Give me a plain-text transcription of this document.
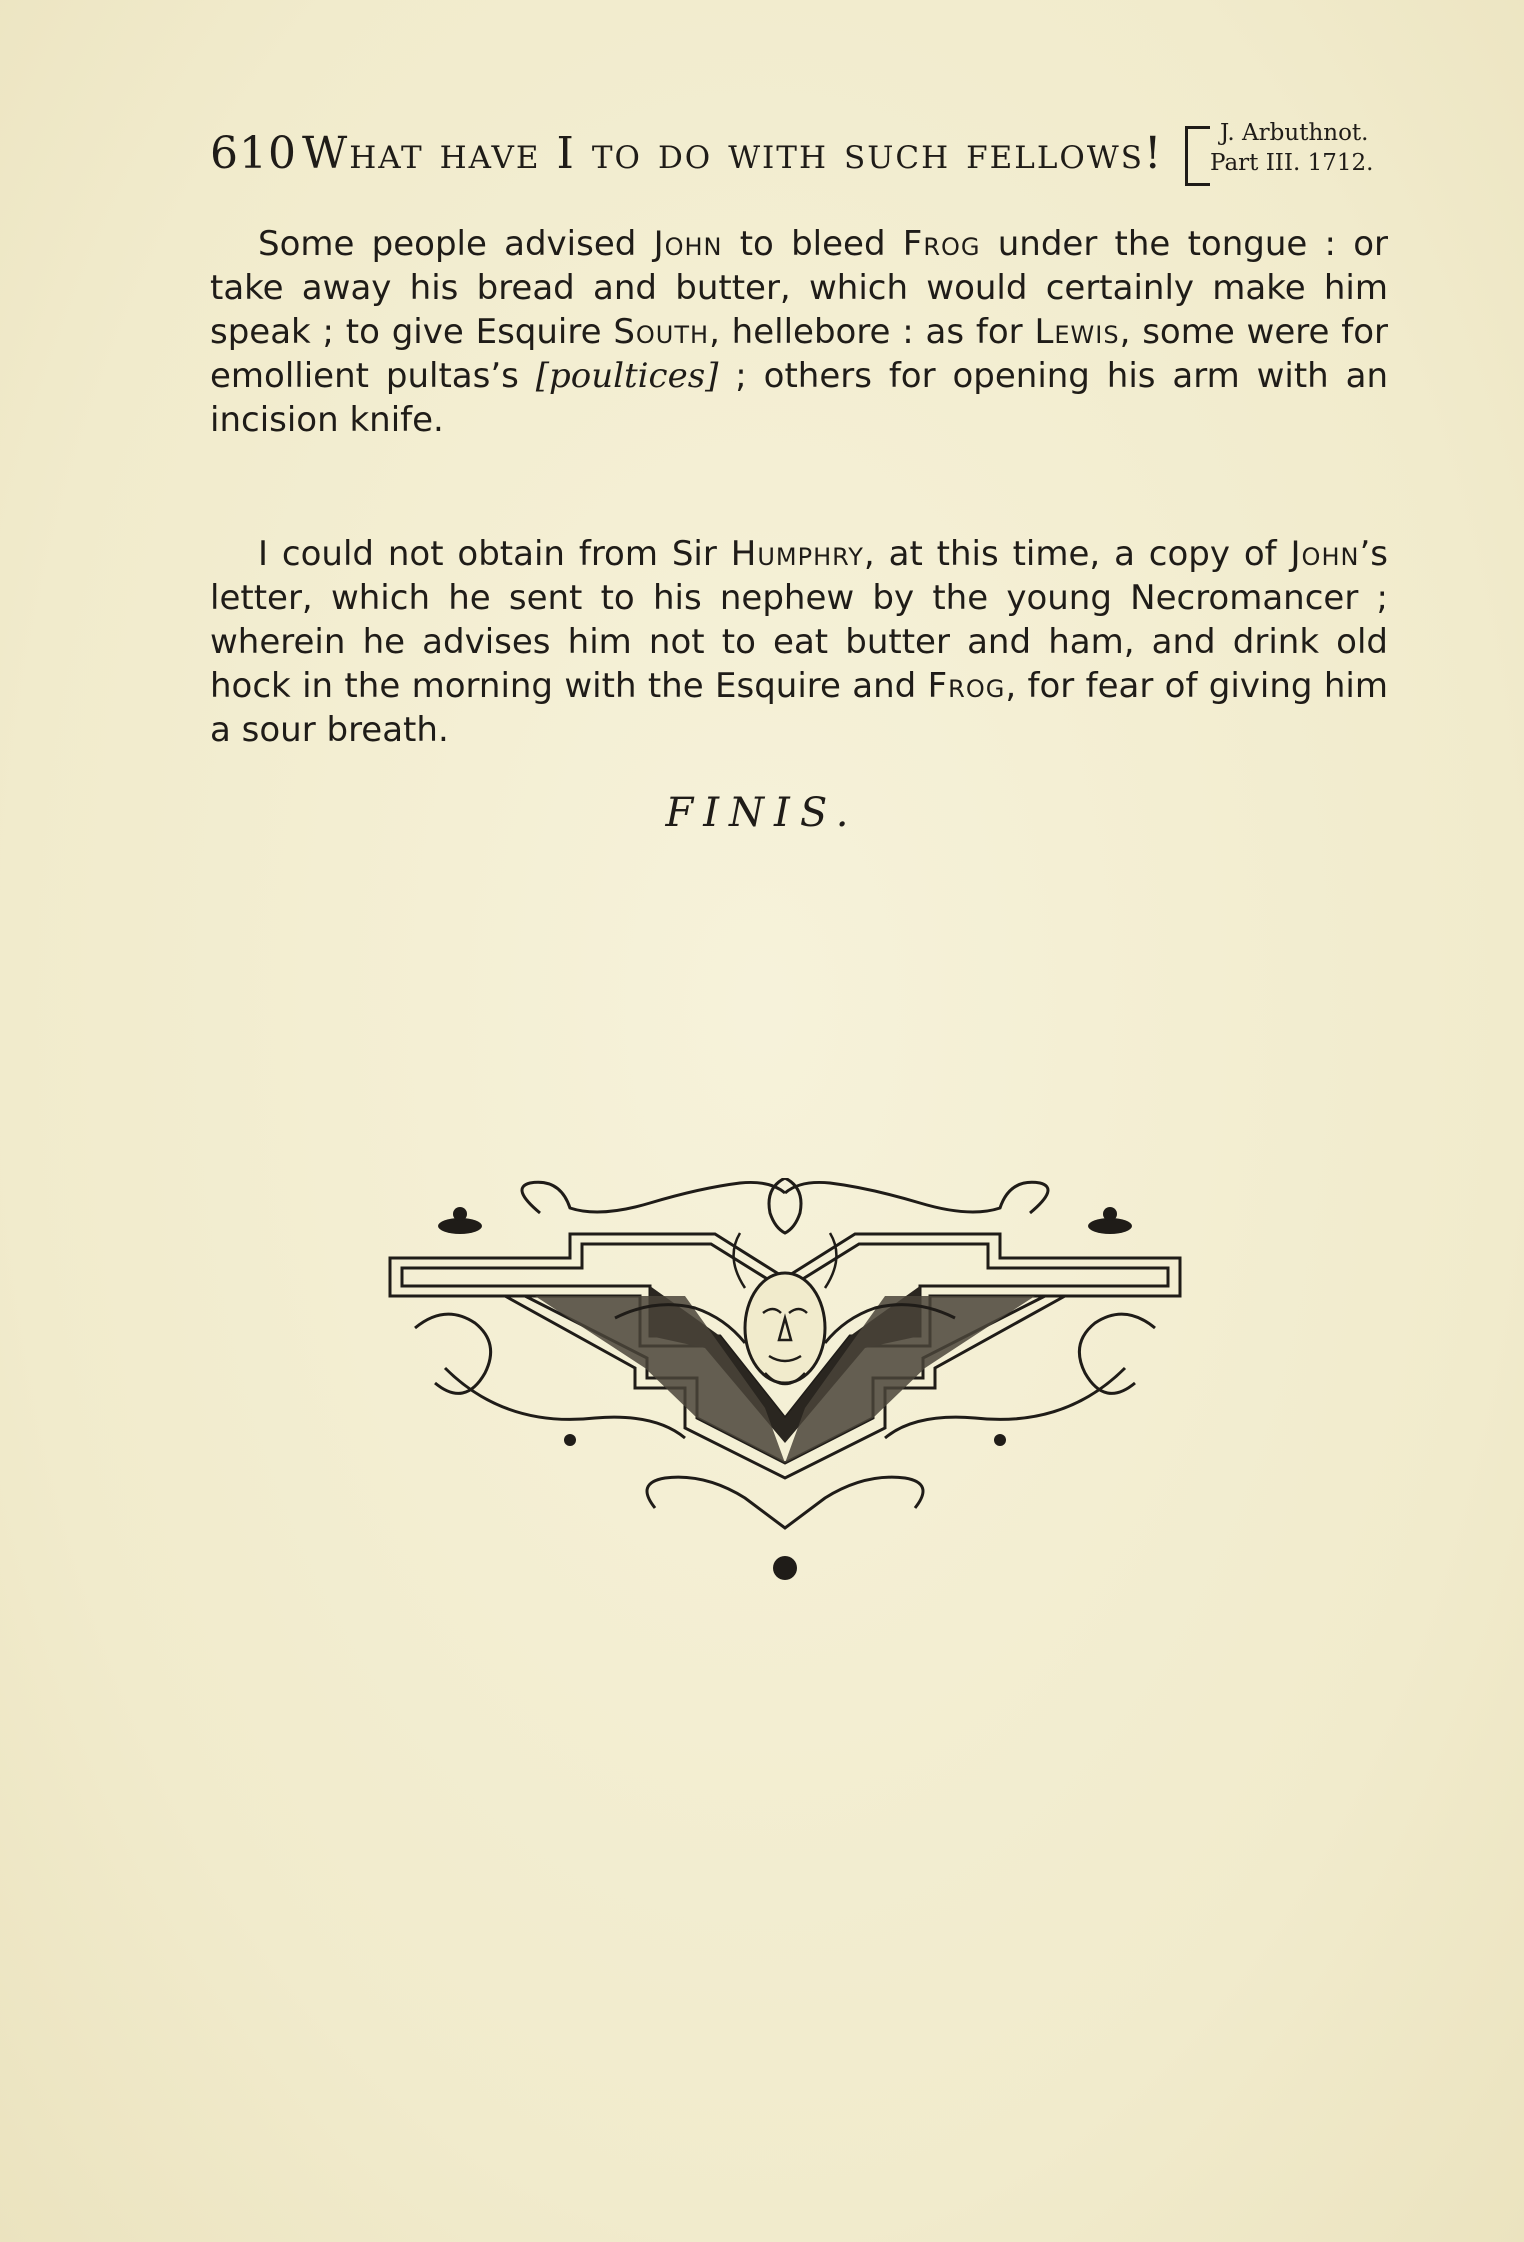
610 What have I to do with such fellows! J. Arbuthnot.
Part III. 1712.

Some people advised John to bleed Frog under the tongue : or take away his bread and butter, which would certainly make him speak ; to give Esquire South, hellebore : as for Lewis, some were for emollient pultas’s [poultices] ; others for opening his arm with an incision knife.

I could not obtain from Sir Humphry, at this time, a copy of John’s letter, which he sent to his nephew by the young Necromancer ; wherein he advises him not to eat butter and ham, and drink old hock in the morning with the Esquire and Frog, for fear of giving him a sour breath.

FINIS.
